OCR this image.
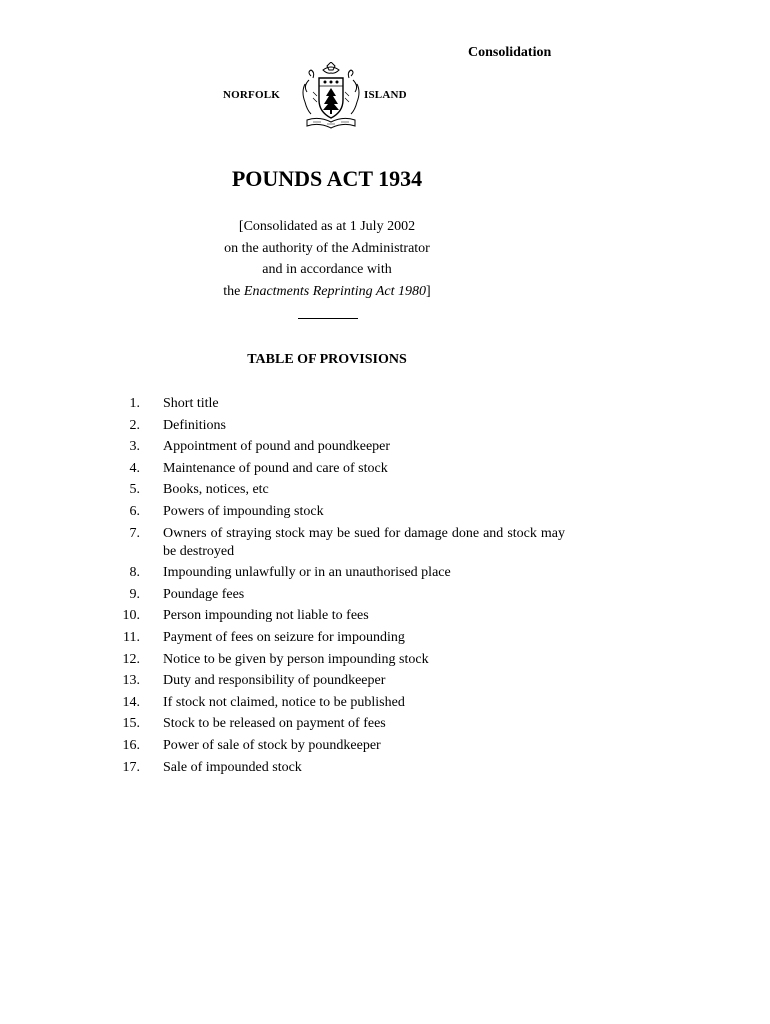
Consolidation
NORFOLK	ISLAND
POUNDS ACT 1934
[Consolidated as at 1 July 2002
on the authority of the Administrator
and in accordance with
the Enactments Reprinting Act 1980]
TABLE OF PROVISIONS
1. Short title
2. Definitions
3. Appointment of pound and poundkeeper
4. Maintenance of pound and care of stock
5. Books, notices, etc
6. Powers of impounding stock
7. Owners of straying stock may be sued for damage done and stock may be destroyed
8. Impounding unlawfully or in an unauthorised place
9. Poundage fees
10. Person impounding not liable to fees
11. Payment of fees on seizure for impounding
12. Notice to be given by person impounding stock
13. Duty and responsibility of poundkeeper
14. If stock not claimed, notice to be published
15. Stock to be released on payment of fees
16. Power of sale of stock by poundkeeper
17. Sale of impounded stock
